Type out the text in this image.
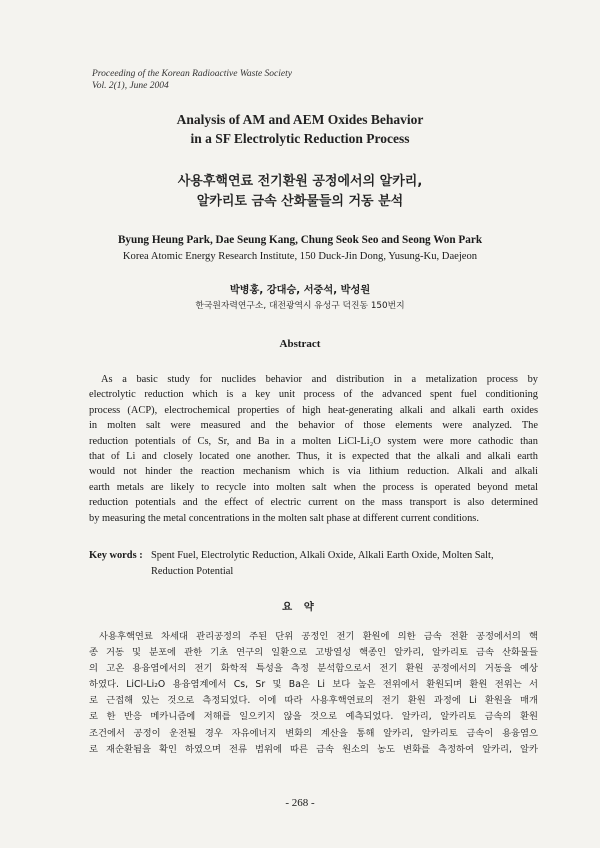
Proceeding of the Korean Radioactive Waste Society
Vol. 2(1), June 2004
Analysis of AM and AEM Oxides Behavior
in a SF Electrolytic Reduction Process
사용후핵연료 전기환원 공정에서의 알카리,
알카리토 금속 산화물들의 거동 분석
Byung Heung Park, Dae Seung Kang, Chung Seok Seo and Seong Won Park
Korea Atomic Energy Research Institute, 150 Duck-Jin Dong, Yusung-Ku, Daejeon
박병홍, 강대승, 서중석, 박성원
한국원자력연구소, 대전광역시 유성구 덕진동 150번지
Abstract
As a basic study for nuclides behavior and distribution in a metalization process by
electrolytic reduction which is a key unit process of the advanced spent fuel conditioning
process (ACP), electrochemical properties of high heat-generating alkali and alkali earth oxides
in molten salt were measured and the behavior of those elements were analyzed. The
reduction potentials of Cs, Sr, and Ba in a molten LiCl-Li₂O system were more cathodic than
that of Li and closely located one another. Thus, it is expected that the alkali and alkali earth
would not hinder the reaction mechanism which is via lithium reduction. Alkali and alkali
earth metals are likely to recycle into molten salt when the process is operated beyond metal
reduction potentials and the effect of electric current on the mass transport is also determined
by measuring the metal concentrations in the molten salt phase at different current conditions.
Key words : Spent Fuel, Electrolytic Reduction, Alkali Oxide, Alkali Earth Oxide, Molten Salt,
Reduction Potential
요 약
사용후핵연료 차세대 관리공정의 주된 단위 공정인 전기 환원에 의한 금속 전환 공정에서의 핵
종 거동 및 분포에 관한 기초 연구의 일환으로 고방열성 핵종인 알카리, 알카리토 금속 산화물들
의 고온 용융염에서의 전기 화학적 특성을 측정 분석함으로서 전기 환원 공정에서의 거동을 예상
하였다. LiCl-Li₂O 용융염계에서 Cs, Sr 및 Ba은 Li 보다 높은 전위에서 환원되며 환원 전위는 서
로 근접해 있는 것으로 측정되었다. 이에 따라 사용후핵연료의 전기 환원 과정에 Li 환원을 매개
로 한 반응 메카니즘에 저해를 일으키지 않을 것으로 예측되었다. 알카리, 알카리토 금속의 환원
조건에서 공정이 운전될 경우 자유에너지 변화의 계산을 통해 알카리, 알카리토 금속이 용융염으
로 재순환됨을 확인 하였으며 전류 범위에 따른 금속 원소의 농도 변화를 측정하여 알카리, 알카
- 268 -
